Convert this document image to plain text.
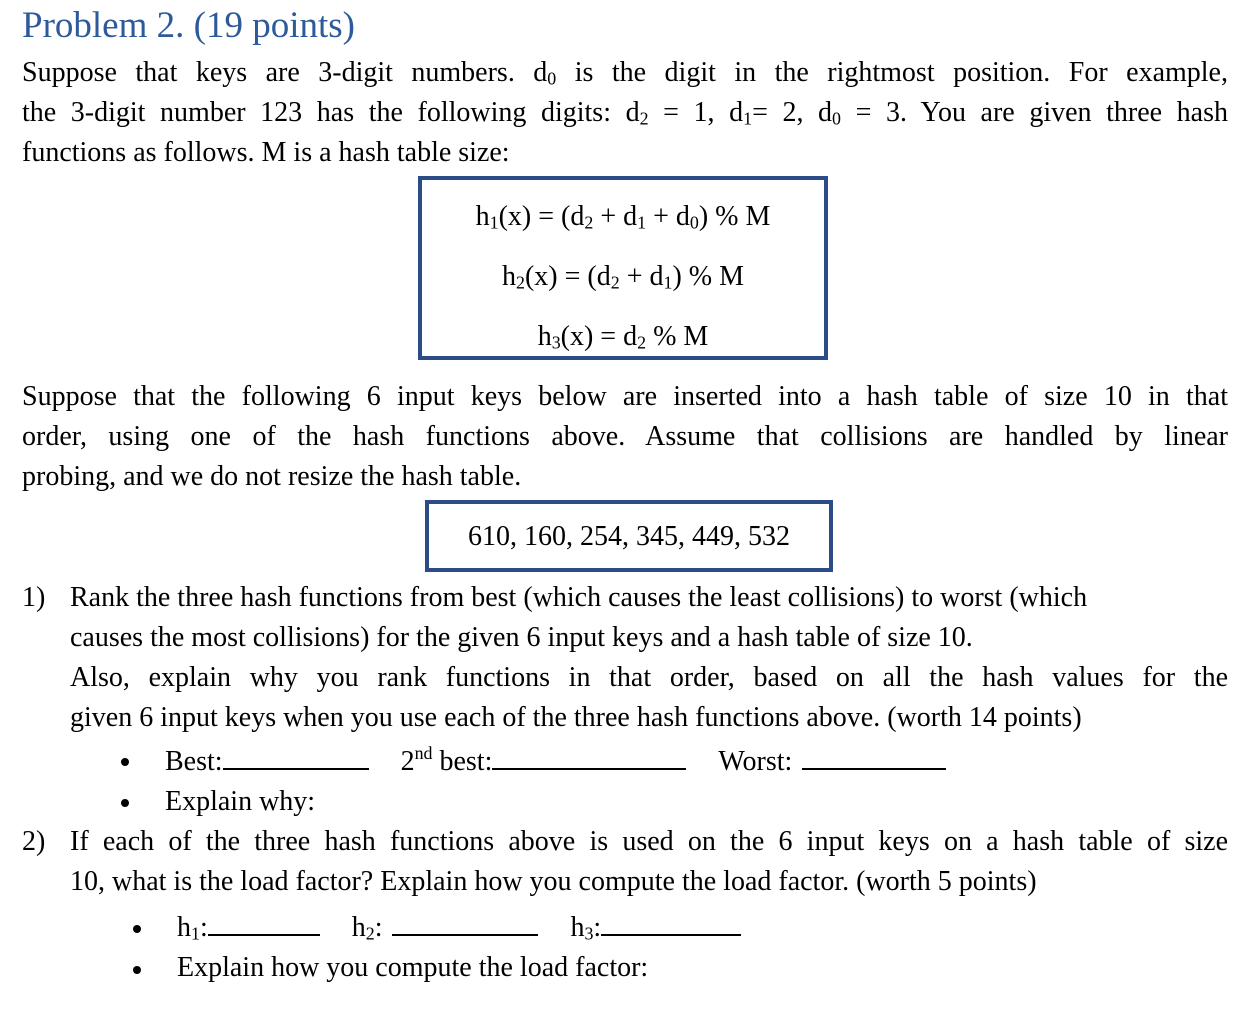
Problem 2. (19 points)
Suppose that keys are 3-digit numbers. $d_0$ is the digit in the rightmost position. For example,
the 3-digit number 123 has the following digits: $d_2 = 1$, $d_1= 2$, $d_0 = 3$. You are given three hash
functions as follows. M is a hash table size:
$h_1(x) = (d_2 + d_1 + d_0)$ % M
$h_2(x) = (d_2 + d_1)$ % M
$h_3(x) = d_2$ % M
Suppose that the following 6 input keys below are inserted into a hash table of size 10 in that
order, using one of the hash functions above. Assume that collisions are handled by linear
probing, and we do not resize the hash table.
610, 160, 254, 345, 449, 532
1) Rank the three hash functions from best (which causes the least collisions) to worst (which
causes the most collisions) for the given 6 input keys and a hash table of size 10.
Also, explain why you rank functions in that order, based on all the hash values for the
given 6 input keys when you use each of the three hash functions above. (worth 14 points)
Best:	2nd best:	Worst:
Explain why:
2) If each of the three hash functions above is used on the 6 input keys on a hash table of size
10, what is the load factor? Explain how you compute the load factor. (worth 5 points)
$h_1$:	$h_2$:	$h_3$:
Explain how you compute the load factor:
